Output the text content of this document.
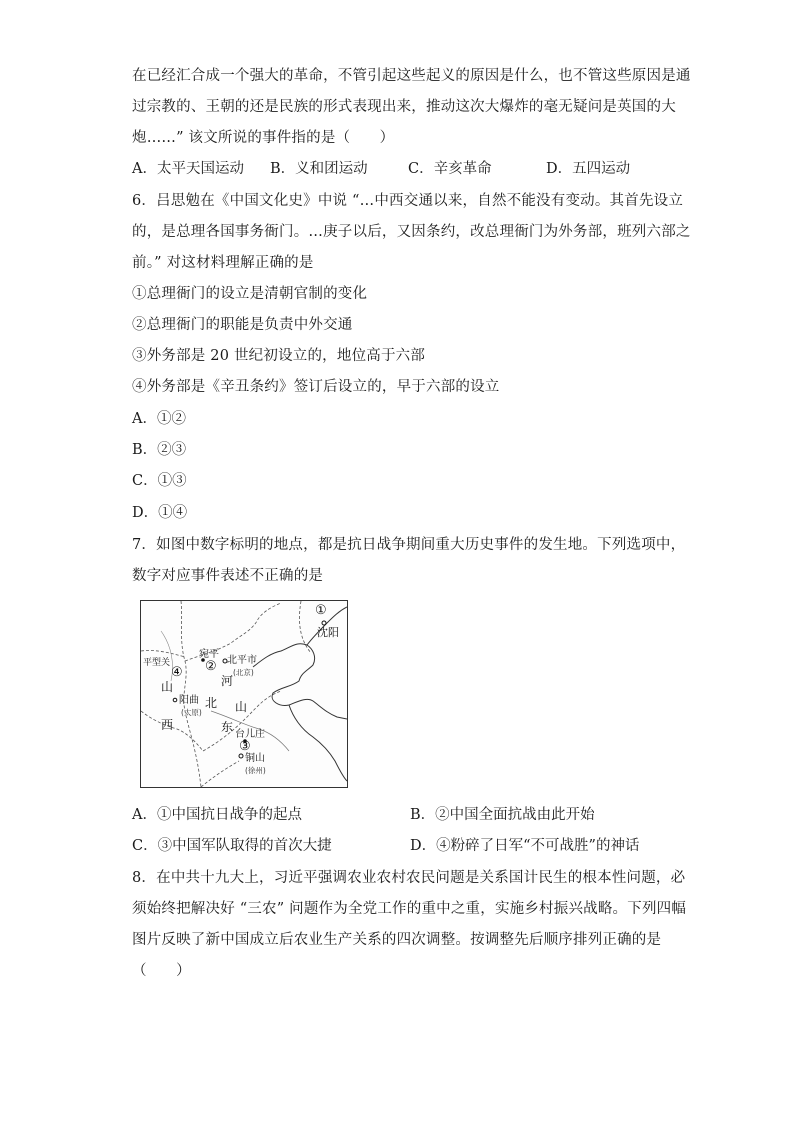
在已经汇合成一个强大的革命，不管引起这些起义的原因是什么，也不管这些原因是通
过宗教的、王朝的还是民族的形式表现出来，推动这次大爆炸的毫无疑问是英国的大
炮……” 该文所说的事件指的是（　　）
A．太平天国运动 B．义和团运动	C．辛亥革命	D．五四运动
6．吕思勉在《中国文化史》中说 “…中西交通以来，自然不能没有变动。其首先设立
的，是总理各国事务衙门。…庚子以后，又因条约，改总理衙门为外务部，班列六部之
前。” 对这材料理解正确的是
①总理衙门的设立是清朝官制的变化
②总理衙门的职能是负责中外交通
③外务部是 20 世纪初设立的，地位高于六部
④外务部是《辛丑条约》签订后设立的，早于六部的设立
A．①②
B．②③
C．①③
D．①④
7．如图中数字标明的地点，都是抗日战争期间重大历史事件的发生地。下列选项中，
数字对应事件表述不正确的是
①
沈阳
平型关
宛平
② 北平市
(北京)
④
山	河
阳曲
(太原)
北 山
西	东
台儿庄
③
铜山
(徐州)
A．①中国抗日战争的起点	B．②中国全面抗战由此开始
C．③中国军队取得的首次大捷	D．④粉碎了日军“不可战胜”的神话
8．在中共十九大上，习近平强调农业农村农民问题是关系国计民生的根本性问题，必
须始终把解决好 “三农” 问题作为全党工作的重中之重，实施乡村振兴战略。下列四幅
图片反映了新中国成立后农业生产关系的四次调整。按调整先后顺序排列正确的是
（　　）
